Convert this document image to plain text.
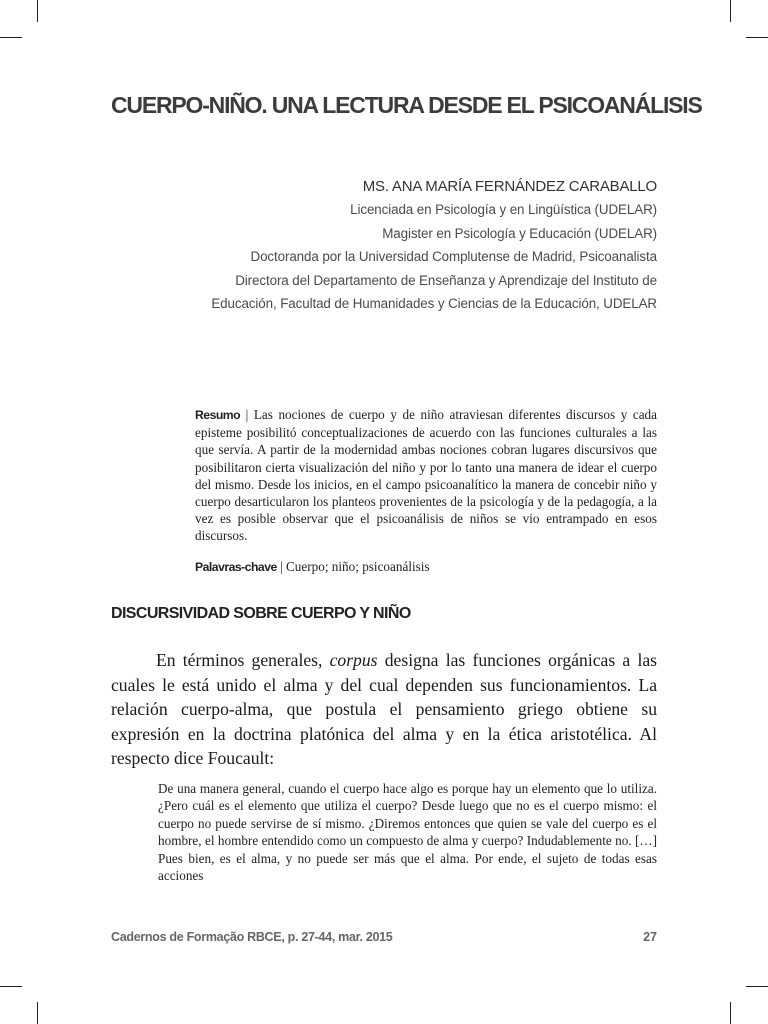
CUERPO-NIÑO. UNA LECTURA DESDE EL PSICOANÁLISIS
MS. ANA MARÍA FERNÁNDEZ CARABALLO
Licenciada en Psicología y en Lingüística (UDELAR)
Magister en Psicología y Educación (UDELAR)
Doctoranda por la Universidad Complutense de Madrid, Psicoanalista
Directora del Departamento de Enseñanza y Aprendizaje del Instituto de
Educación, Facultad de Humanidades y Ciencias de la Educación, UDELAR
Resumo | Las nociones de cuerpo y de niño atraviesan diferentes discursos y cada episteme posibilitó conceptualizaciones de acuerdo con las funciones culturales a las que servía. A partir de la modernidad ambas nociones cobran lugares discursivos que posibilitaron cierta visualización del niño y por lo tanto una manera de idear el cuerpo del mismo. Desde los inicios, en el campo psicoanalítico la manera de concebir niño y cuerpo desarticularon los planteos provenientes de la psicología y de la pedagogía, a la vez es posible observar que el psicoanálisis de niños se vio entrampado en esos discursos.
Palavras-chave | Cuerpo; niño; psicoanálisis
DISCURSIVIDAD SOBRE CUERPO Y NIÑO

En términos generales, corpus designa las funciones orgánicas a las cuales le está unido el alma y del cual dependen sus funcionamientos. La relación cuerpo-alma, que postula el pensamiento griego obtiene su expresión en la doctrina platónica del alma y en la ética aristotélica. Al respecto dice Foucault:

De una manera general, cuando el cuerpo hace algo es porque hay un elemento que lo utiliza. ¿Pero cuál es el elemento que utiliza el cuerpo? Desde luego que no es el cuerpo mismo: el cuerpo no puede servirse de sí mismo. ¿Diremos entonces que quien se vale del cuerpo es el hombre, el hombre entendido como un compuesto de alma y cuerpo? Indudablemente no. […] Pues bien, es el alma, y no puede ser más que el alma. Por ende, el sujeto de todas esas acciones

Cadernos de Formação RBCE, p. 27-44, mar. 2015	27
